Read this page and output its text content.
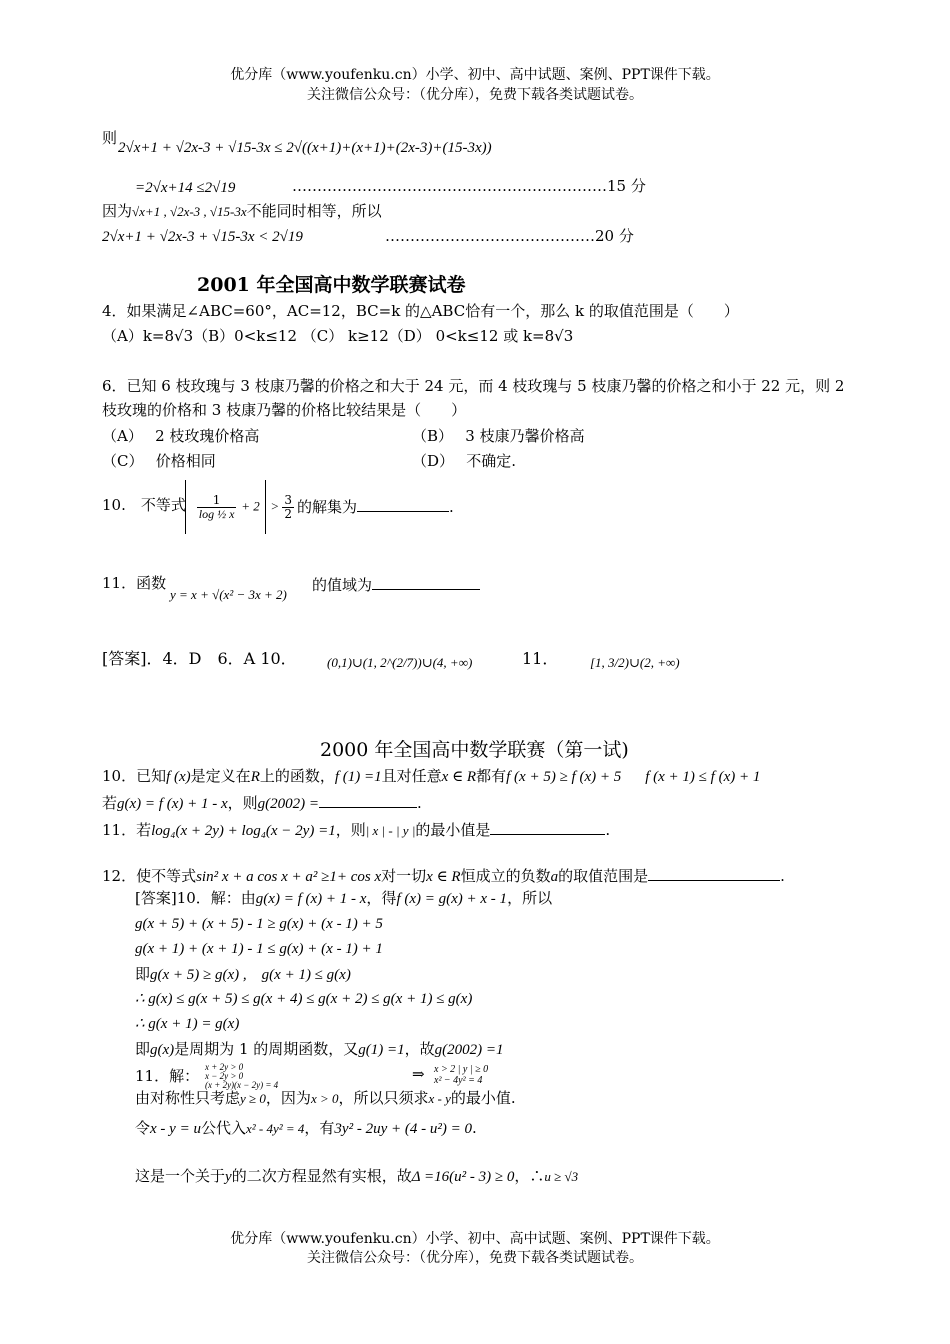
优分库（www.youfenku.cn）小学、初中、高中试题、案例、PPT课件下载。
关注微信公众号：（优分库），免费下载各类试题试卷。
则
2√x+1 + √2x-3 + √15-3x ≤ 2√((x+1)+(x+1)+(2x-3)+(15-3x))
=2√x+14 ≤2√19	………………………………………………………15 分
因为√x+1 , √2x-3 , √15-3x不能同时相等，所以
2√x+1 + √2x-3 + √15-3x < 2√19	……………………………………20 分
2001 年全国高中数学联赛试卷
4．如果满足∠ABC=60°，AC=12，BC=k 的△ABC恰有一个，那么 k 的取值范围是（　　）
（A）k=8√3（B）0<k≤12 （C） k≥12（D） 0<k≤12 或 k=8√3
6．已知 6 枝玫瑰与 3 枝康乃馨的价格之和大于 24 元，而 4 枝玫瑰与 5 枝康乃馨的价格之和小于 22 元，则 2
枝玫瑰的价格和 3 枝康乃馨的价格比较结果是（　　）
（A）　 2 枝玫瑰价格高	（B）　 3 枝康乃馨价格高
（C）　 价格相同	（D）　 不确定.
10.　不等式
$\frac{1}{\text{log ½ x}} + 2 > \frac{3}{2}$ 的解集为	.
11．函数
y = x + √(x² − 3x + 2)
的值域为
[答案]．4．D　6．A 10． (0,1)∪(1, 2^(2/7))∪(4, +∞)	11． [1, 3/2)∪(2, +∞)
2000 年全国高中数学联赛（第一试)
10．已知f (x)是定义在R上的函数，f (1) =1且对任意x ∈ R都有f (x + 5) ≥ f (x) + 5 f (x + 1) ≤ f (x) + 1
若g(x) = f (x) + 1 - x，则g(2002) =	.
11．若log₄(x + 2y) + log₄(x − 2y) =1，则| x | - | y |的最小值是	.
12．使不等式sin² x + a cos x + a² ≥1+ cos x对一切x ∈ R恒成立的负数a的取值范围是	.
[答案]10．解：由g(x) = f (x) + 1 - x，得f (x) = g(x) + x - 1，所以
g(x + 5) + (x + 5) - 1 ≥ g(x) + (x - 1) + 5
g(x + 1) + (x + 1) - 1 ≤ g(x) + (x - 1) + 1
即g(x + 5) ≥ g(x) ,　g(x + 1) ≤ g(x)
∴ g(x) ≤ g(x + 5) ≤ g(x + 4) ≤ g(x + 2) ≤ g(x + 1) ≤ g(x)
∴ g(x + 1) = g(x)
即g(x)是周期为 1 的周期函数，又g(1) =1，故g(2002) =1
11．解： x + 2y > 0
x − 2y > 0
(x + 2y)(x − 2y) = 4
⇒ x > 2 | y | ≥ 0
x² − 4y² = 4
由对称性只考虑y ≥ 0，因为x > 0，所以只须求x - y的最小值.
令x - y = u公代入x² - 4y² = 4，有3y² - 2uy + (4 - u²) = 0.
这是一个关于y的二次方程显然有实根，故Δ =16(u² - 3) ≥ 0，∴u ≥ √3
优分库（www.youfenku.cn）小学、初中、高中试题、案例、PPT课件下载。
关注微信公众号：（优分库），免费下载各类试题试卷。
